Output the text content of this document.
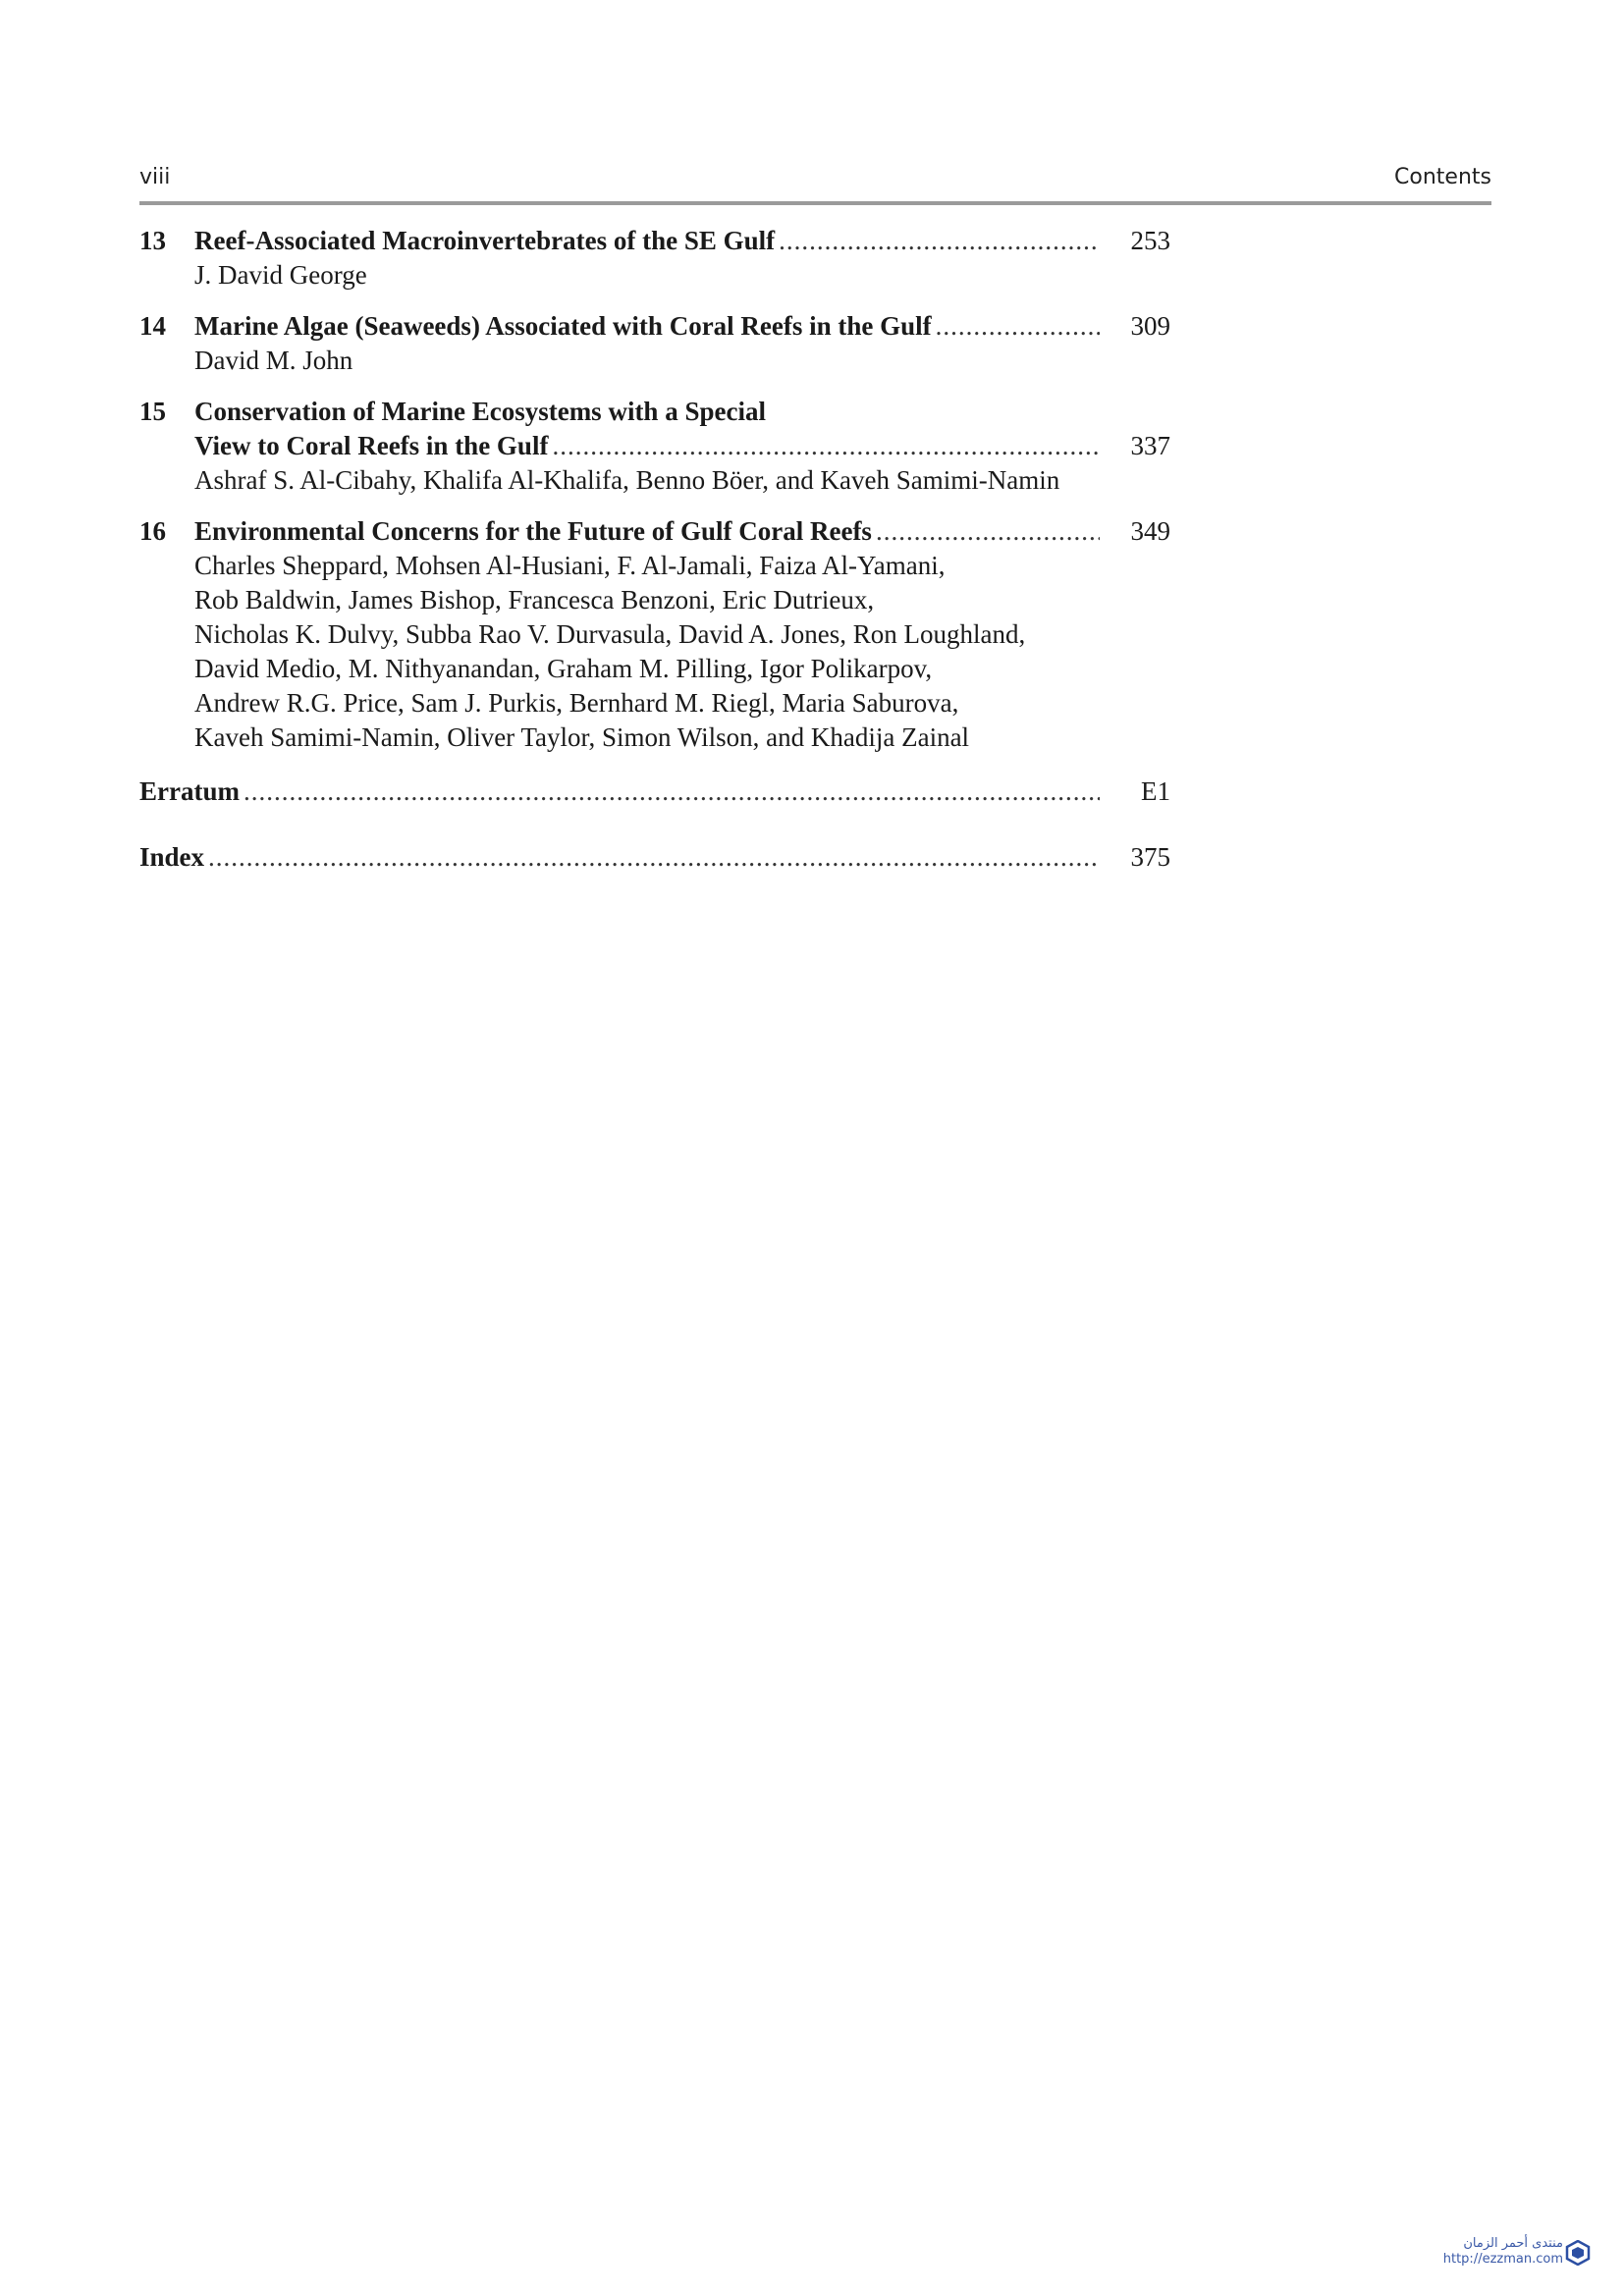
viii	Contents
13	Reef-Associated Macroinvertebrates of the SE Gulf .....	253
J. David George
14	Marine Algae (Seaweeds) Associated with Coral Reefs in the Gulf .....	309
David M. John
15	Conservation of Marine Ecosystems with a Special
View to Coral Reefs in the Gulf .....	337
Ashraf S. Al-Cibahy, Khalifa Al-Khalifa, Benno Böer, and Kaveh Samimi-Namin
16	Environmental Concerns for the Future of Gulf Coral Reefs .....	349
Charles Sheppard, Mohsen Al-Husiani, F. Al-Jamali, Faiza Al-Yamani,
Rob Baldwin, James Bishop, Francesca Benzoni, Eric Dutrieux,
Nicholas K. Dulvy, Subba Rao V. Durvasula, David A. Jones, Ron Loughland,
David Medio, M. Nithyanandan, Graham M. Pilling, Igor Polikarpov,
Andrew R.G. Price, Sam J. Purkis, Bernhard M. Riegl, Maria Saburova,
Kaveh Samimi-Namin, Oliver Taylor, Simon Wilson, and Khadija Zainal
Erratum .....	E1
Index .....	375
منتدى أحمر الزمان
http://ezzman.com
